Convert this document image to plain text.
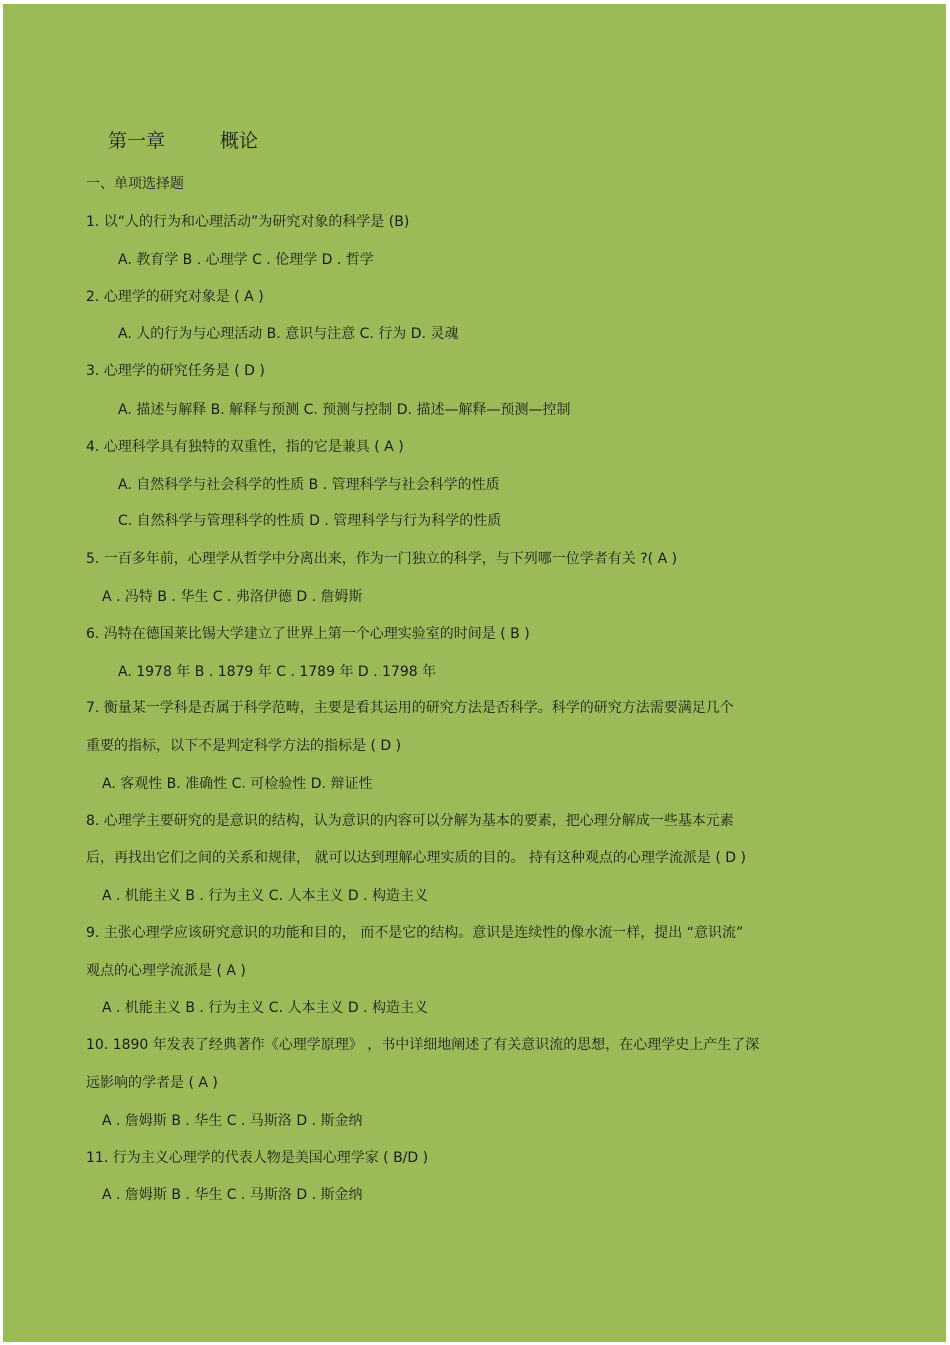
第一章	概论
一、单项选择题
1. 以“人的行为和心理活动”为研究对象的科学是 (B)
A. 教育学 B . 心理学 C . 伦理学 D . 哲学
2. 心理学的研究对象是 ( A )
A. 人的行为与心理活动 B. 意识与注意 C. 行为 D. 灵魂
3. 心理学的研究任务是 ( D )
A. 描述与解释 B. 解释与预测 C. 预测与控制 D. 描述—解释—预测—控制
4. 心理科学具有独特的双重性，指的它是兼具 ( A )
A. 自然科学与社会科学的性质 B . 管理科学与社会科学的性质
C. 自然科学与管理科学的性质 D . 管理科学与行为科学的性质
5. 一百多年前，心理学从哲学中分离出来，作为一门独立的科学，与下列哪一位学者有关 ?( A )
A . 冯特 B . 华生 C . 弗洛伊德 D . 詹姆斯
6. 冯特在德国莱比锡大学建立了世界上第一个心理实验室的时间是 ( B )
A. 1978 年 B . 1879 年 C . 1789 年 D . 1798 年
7. 衡量某一学科是否属于科学范畴，主要是看其运用的研究方法是否科学。科学的研究方法需要满足几个
重要的指标，以下不是判定科学方法的指标是 ( D )
A. 客观性 B. 准确性 C. 可检验性 D. 辩证性
8. 心理学主要研究的是意识的结构，认为意识的内容可以分解为基本的要素，把心理分解成一些基本元素
后，再找出它们之间的关系和规律， 就可以达到理解心理实质的目的。 持有这种观点的心理学流派是 ( D )
A . 机能主义 B . 行为主义 C. 人本主义 D . 构造主义
9. 主张心理学应该研究意识的功能和目的， 而不是它的结构。意识是连续性的像水流一样，提出 “意识流”
观点的心理学流派是 ( A )
A . 机能主义 B . 行为主义 C. 人本主义 D . 构造主义
10. 1890 年发表了经典著作《心理学原理》 ，书中详细地阐述了有关意识流的思想，在心理学史上产生了深
远影响的学者是 ( A )
A . 詹姆斯 B . 华生 C . 马斯洛 D . 斯金纳
11. 行为主义心理学的代表人物是美国心理学家 ( B/D )
A . 詹姆斯 B . 华生 C . 马斯洛 D . 斯金纳
